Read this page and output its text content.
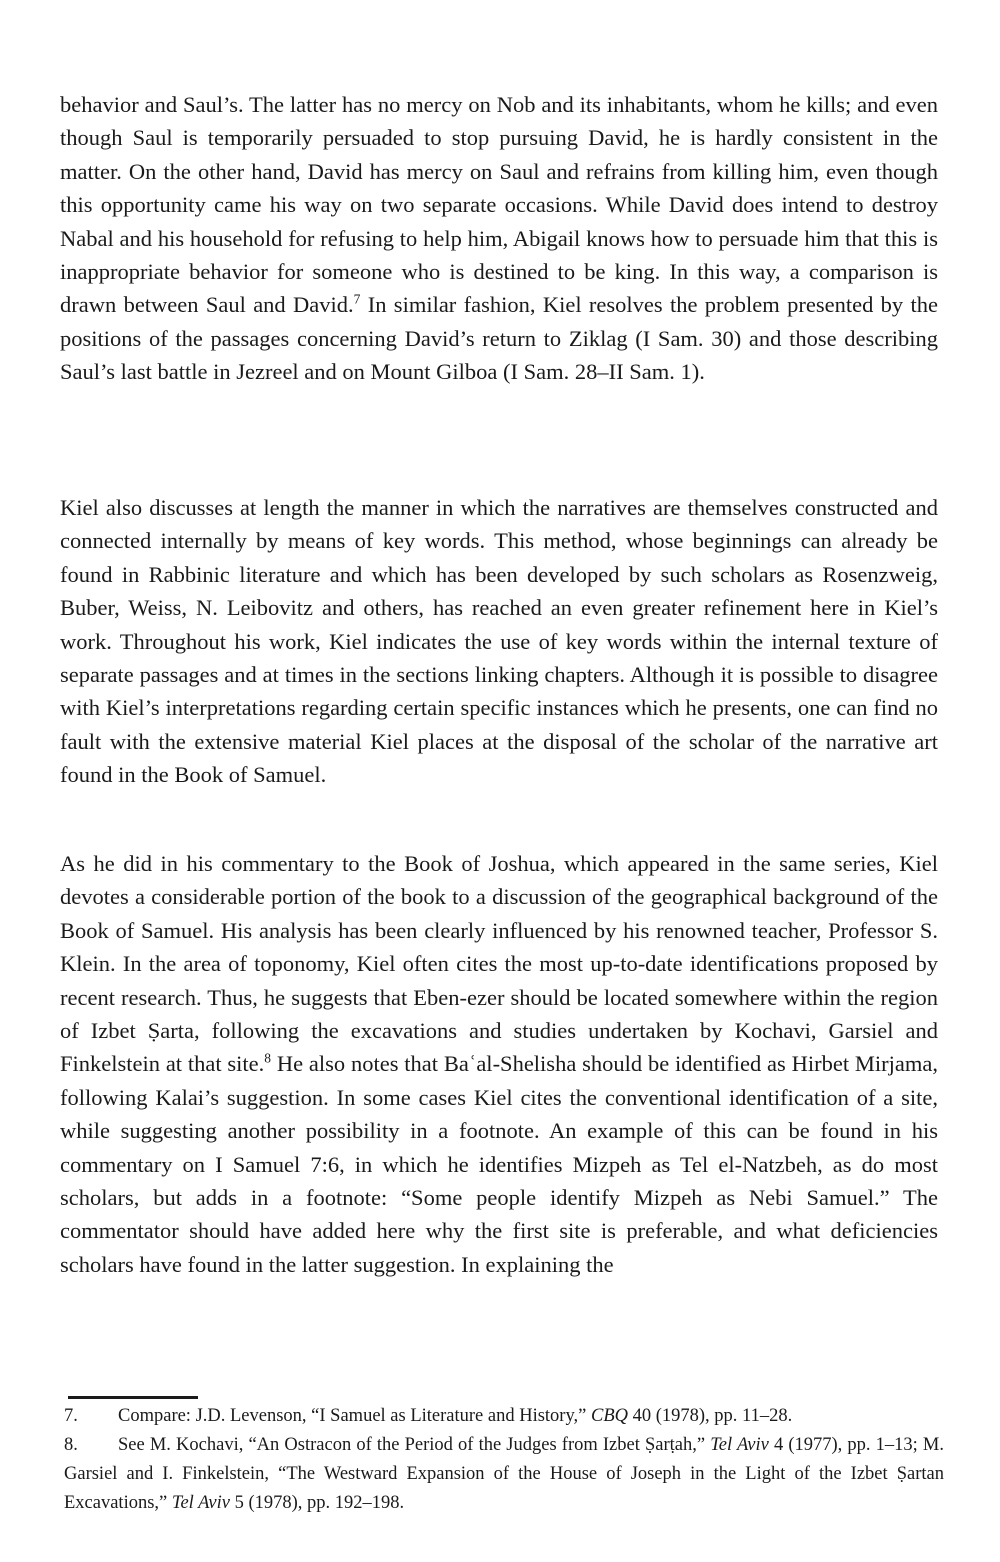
behavior and Saul’s. The latter has no mercy on Nob and its inhabitants, whom he kills; and even though Saul is temporarily persuaded to stop pursuing David, he is hardly consistent in the matter. On the other hand, David has mercy on Saul and refrains from killing him, even though this opportunity came his way on two separate occasions. While David does intend to destroy Nabal and his household for refusing to help him, Abigail knows how to persuade him that this is inappropriate behavior for someone who is destined to be king. In this way, a comparison is drawn between Saul and David.$^7$ In similar fashion, Kiel resolves the problem presented by the positions of the passages concerning David’s return to Ziklag (I Sam. 30) and those describing Saul’s last battle in Jezreel and on Mount Gilboa (I Sam. 28–II Sam. 1).

Kiel also discusses at length the manner in which the narratives are themselves constructed and connected internally by means of key words. This method, whose beginnings can already be found in Rabbinic literature and which has been developed by such scholars as Rosenzweig, Buber, Weiss, N. Leibovitz and others, has reached an even greater refinement here in Kiel’s work. Throughout his work, Kiel indicates the use of key words within the internal texture of separate passages and at times in the sections linking chapters. Although it is possible to disagree with Kiel’s interpretations regarding certain specific instances which he presents, one can find no fault with the extensive material Kiel places at the disposal of the scholar of the narrative art found in the Book of Samuel.

As he did in his commentary to the Book of Joshua, which appeared in the same series, Kiel devotes a considerable portion of the book to a discussion of the geographical background of the Book of Samuel. His analysis has been clearly influenced by his renowned teacher, Professor S. Klein. In the area of toponomy, Kiel often cites the most up-to-date identifications proposed by recent research. Thus, he suggests that Eben-ezer should be located somewhere within the region of Izbet Ṣarta, following the excavations and studies undertaken by Kochavi, Garsiel and Finkelstein at that site.$^8$ He also notes that Baʿal-Shelisha should be identified as Hirbet Mirjama, following Kalai’s suggestion. In some cases Kiel cites the conventional identification of a site, while suggesting another possibility in a footnote. An example of this can be found in his commentary on I Samuel 7:6, in which he identifies Mizpeh as Tel el-Natzbeh, as do most scholars, but adds in a footnote: “Some people identify Mizpeh as Nebi Samuel.” The commentator should have added here why the first site is preferable, and what deficiencies scholars have found in the latter suggestion. In explaining the

7. Compare: J.D. Levenson, “I Samuel as Literature and History,” CBQ 40 (1978), pp. 11–28.

8. See M. Kochavi, “An Ostracon of the Period of the Judges from Izbet Ṣarṭah,” Tel Aviv 4 (1977), pp. 1–13; M. Garsiel and I. Finkelstein, “The Westward Expansion of the House of Joseph in the Light of the Izbet Ṣartan Excavations,” Tel Aviv 5 (1978), pp. 192–198.
